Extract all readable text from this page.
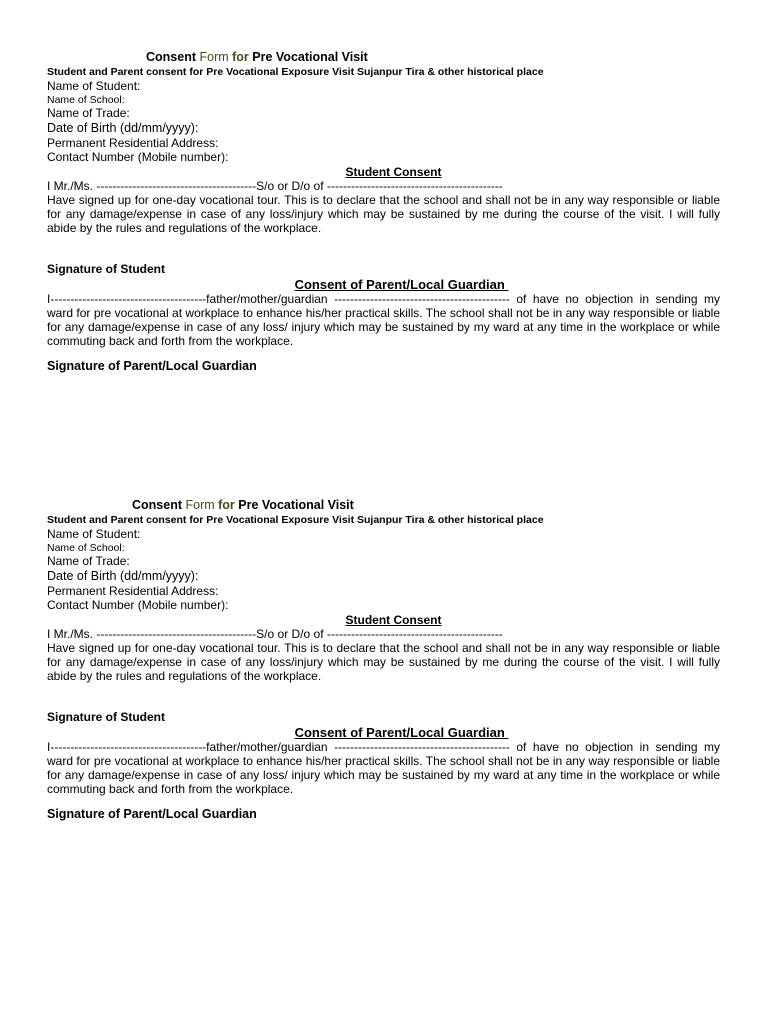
Consent Form for Pre Vocational Visit
Student and Parent consent for Pre Vocational Exposure Visit Sujanpur Tira & other historical place
Name of Student:
Name of School:
Name of Trade:
Date of Birth (dd/mm/yyyy):
Permanent Residential Address:
Contact Number (Mobile number):
Student Consent
I Mr./Ms. ----------------------------------------S/o or D/o of --------------------------------------------
Have signed up for one-day vocational tour. This is to declare that the school and shall not be in any way responsible or liable for any damage/expense in case of any loss/injury which may be sustained by me during the course of the visit. I will fully abide by the rules and regulations of the workplace.
Signature of Student
Consent of Parent/Local Guardian
I---------------------------------------father/mother/guardian -------------------------------------------- of have no objection in sending my ward for pre vocational at workplace to enhance his/her practical skills. The school shall not be in any way responsible or liable for any damage/expense in case of any loss/ injury which may be sustained by my ward at any time in the workplace or while commuting back and forth from the workplace.
Signature of Parent/Local Guardian
Consent Form for Pre Vocational Visit
Student and Parent consent for Pre Vocational Exposure Visit Sujanpur Tira & other historical place
Name of Student:
Name of School:
Name of Trade:
Date of Birth (dd/mm/yyyy):
Permanent Residential Address:
Contact Number (Mobile number):
Student Consent
I Mr./Ms. ----------------------------------------S/o or D/o of --------------------------------------------
Have signed up for one-day vocational tour. This is to declare that the school and shall not be in any way responsible or liable for any damage/expense in case of any loss/injury which may be sustained by me during the course of the visit. I will fully abide by the rules and regulations of the workplace.
Signature of Student
Consent of Parent/Local Guardian
I---------------------------------------father/mother/guardian -------------------------------------------- of have no objection in sending my ward for pre vocational at workplace to enhance his/her practical skills. The school shall not be in any way responsible or liable for any damage/expense in case of any loss/ injury which may be sustained by my ward at any time in the workplace or while commuting back and forth from the workplace.
Signature of Parent/Local Guardian
